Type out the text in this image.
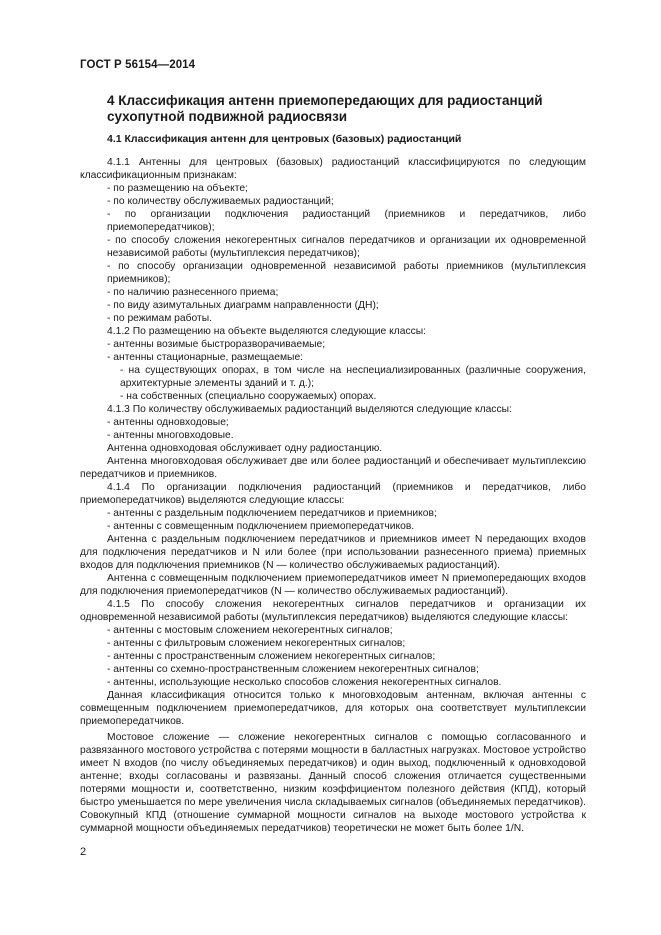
ГОСТ Р 56154—2014
4 Классификация антенн приемопередающих для радиостанций сухопутной подвижной радиосвязи
4.1 Классификация антенн для центровых (базовых) радиостанций

4.1.1 Антенны для центровых (базовых) радиостанций классифицируются по следующим классификационным признакам:

- по размещению на объекте;

- по количеству обслуживаемых радиостанций;

- по организации подключения радиостанций (приемников и передатчиков, либо приемопередатчиков);

- по способу сложения некогерентных сигналов передатчиков и организации их одновременной независимой работы (мультиплексия передатчиков);

- по способу организации одновременной независимой работы приемников (мультиплексия приемников);

- по наличию разнесенного приема;

- по виду азимутальных диаграмм направленности (ДН);

- по режимам работы.

4.1.2 По размещению на объекте выделяются следующие классы:

- антенны возимые быстроразворачиваемые;

- антенны стационарные, размещаемые:

- на существующих опорах, в том числе на неспециализированных (различные сооружения, архитектурные элементы зданий и т. д.);

- на собственных (специально сооружаемых) опорах.

4.1.3 По количеству обслуживаемых радиостанций выделяются следующие классы:

- антенны одновходовые;

- антенны многовходовые.

Антенна одновходовая обслуживает одну радиостанцию.

Антенна многовходовая обслуживает две или более радиостанций и обеспечивает мультиплексию передатчиков и приемников.

4.1.4 По организации подключения радиостанций (приемников и передатчиков, либо приемопередатчиков) выделяются следующие классы:

- антенны с раздельным подключением передатчиков и приемников;

- антенны с совмещенным подключением приемопередатчиков.

Антенна с раздельным подключением передатчиков и приемников имеет N передающих входов для подключения передатчиков и N или более (при использовании разнесенного приема) приемных входов для подключения приемников (N — количество обслуживаемых радиостанций).

Антенна с совмещенным подключением приемопередатчиков имеет N приемопередающих входов для подключения приемопередатчиков (N — количество обслуживаемых радиостанций).

4.1.5 По способу сложения некогерентных сигналов передатчиков и организации их одновременной независимой работы (мультиплексия передатчиков) выделяются следующие классы:

- антенны с мостовым сложением некогерентных сигналов;

- антенны с фильтровым сложением некогерентных сигналов;

- антенны с пространственным сложением некогерентных сигналов;

- антенны со схемно-пространственным сложением некогерентных сигналов;

- антенны, использующие несколько способов сложения некогерентных сигналов.

Данная классификация относится только к многовходовым антеннам, включая антенны с совмещенным подключением приемопередатчиков, для которых она соответствует мультиплексии приемопередатчиков.

Мостовое сложение — сложение некогерентных сигналов с помощью согласованного и развязанного мостового устройства с потерями мощности в балластных нагрузках. Мостовое устройство имеет N входов (по числу объединяемых передатчиков) и один выход, подключенный к одновходовой антенне; входы согласованы и развязаны. Данный способ сложения отличается существенными потерями мощности и, соответственно, низким коэффициентом полезного действия (КПД), который быстро уменьшается по мере увеличения числа складываемых сигналов (объединяемых передатчиков). Совокупный КПД (отношение суммарной мощности сигналов на выходе мостового устройства к суммарной мощности объединяемых передатчиков) теоретически не может быть более 1/N.

2
